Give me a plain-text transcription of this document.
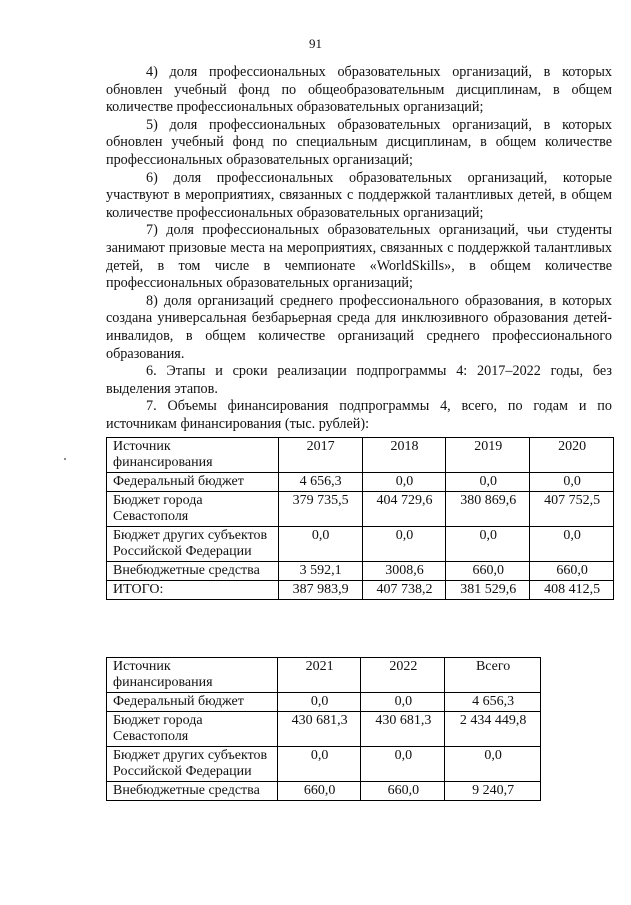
91

4) доля профессиональных образовательных организаций, в которых обновлен учебный фонд по общеобразовательным дисциплинам, в общем количестве профессиональных образовательных организаций;

5) доля профессиональных образовательных организаций, в которых обновлен учебный фонд по специальным дисциплинам, в общем количестве профессиональных образовательных организаций;

6) доля профессиональных образовательных организаций, которые участвуют в мероприятиях, связанных с поддержкой талантливых детей, в общем количестве профессиональных образовательных организаций;

7) доля профессиональных образовательных организаций, чьи студенты занимают призовые места на мероприятиях, связанных с поддержкой талантливых детей, в том числе в чемпионате «WorldSkills», в общем количестве профессиональных образовательных организаций;

8) доля организаций среднего профессионального образования, в которых создана универсальная безбарьерная среда для инклюзивного образования детей-инвалидов, в общем количестве организаций среднего профессионального образования.

6. Этапы и сроки реализации подпрограммы 4: 2017–2022 годы, без выделения этапов.

7. Объемы финансирования подпрограммы 4, всего, по годам и по источникам финансирования (тыс. рублей):

Источник финансирования	2017	2018	2019	2020
Федеральный бюджет	4 656,3	0,0	0,0	0,0
Бюджет города Севастополя	379 735,5	404 729,6	380 869,6	407 752,5
Бюджет других субъектов Российской Федерации	0,0	0,0	0,0	0,0
Внебюджетные средства	3 592,1	3008,6	660,0	660,0
ИТОГО:	387 983,9	407 738,2	381 529,6	408 412,5
Источник финансирования	2021	2022	Всего
Федеральный бюджет	0,0	0,0	4 656,3
Бюджет города Севастополя	430 681,3	430 681,3	2 434 449,8
Бюджет других субъектов Российской Федерации	0,0	0,0	0,0
Внебюджетные средства	660,0	660,0	9 240,7
